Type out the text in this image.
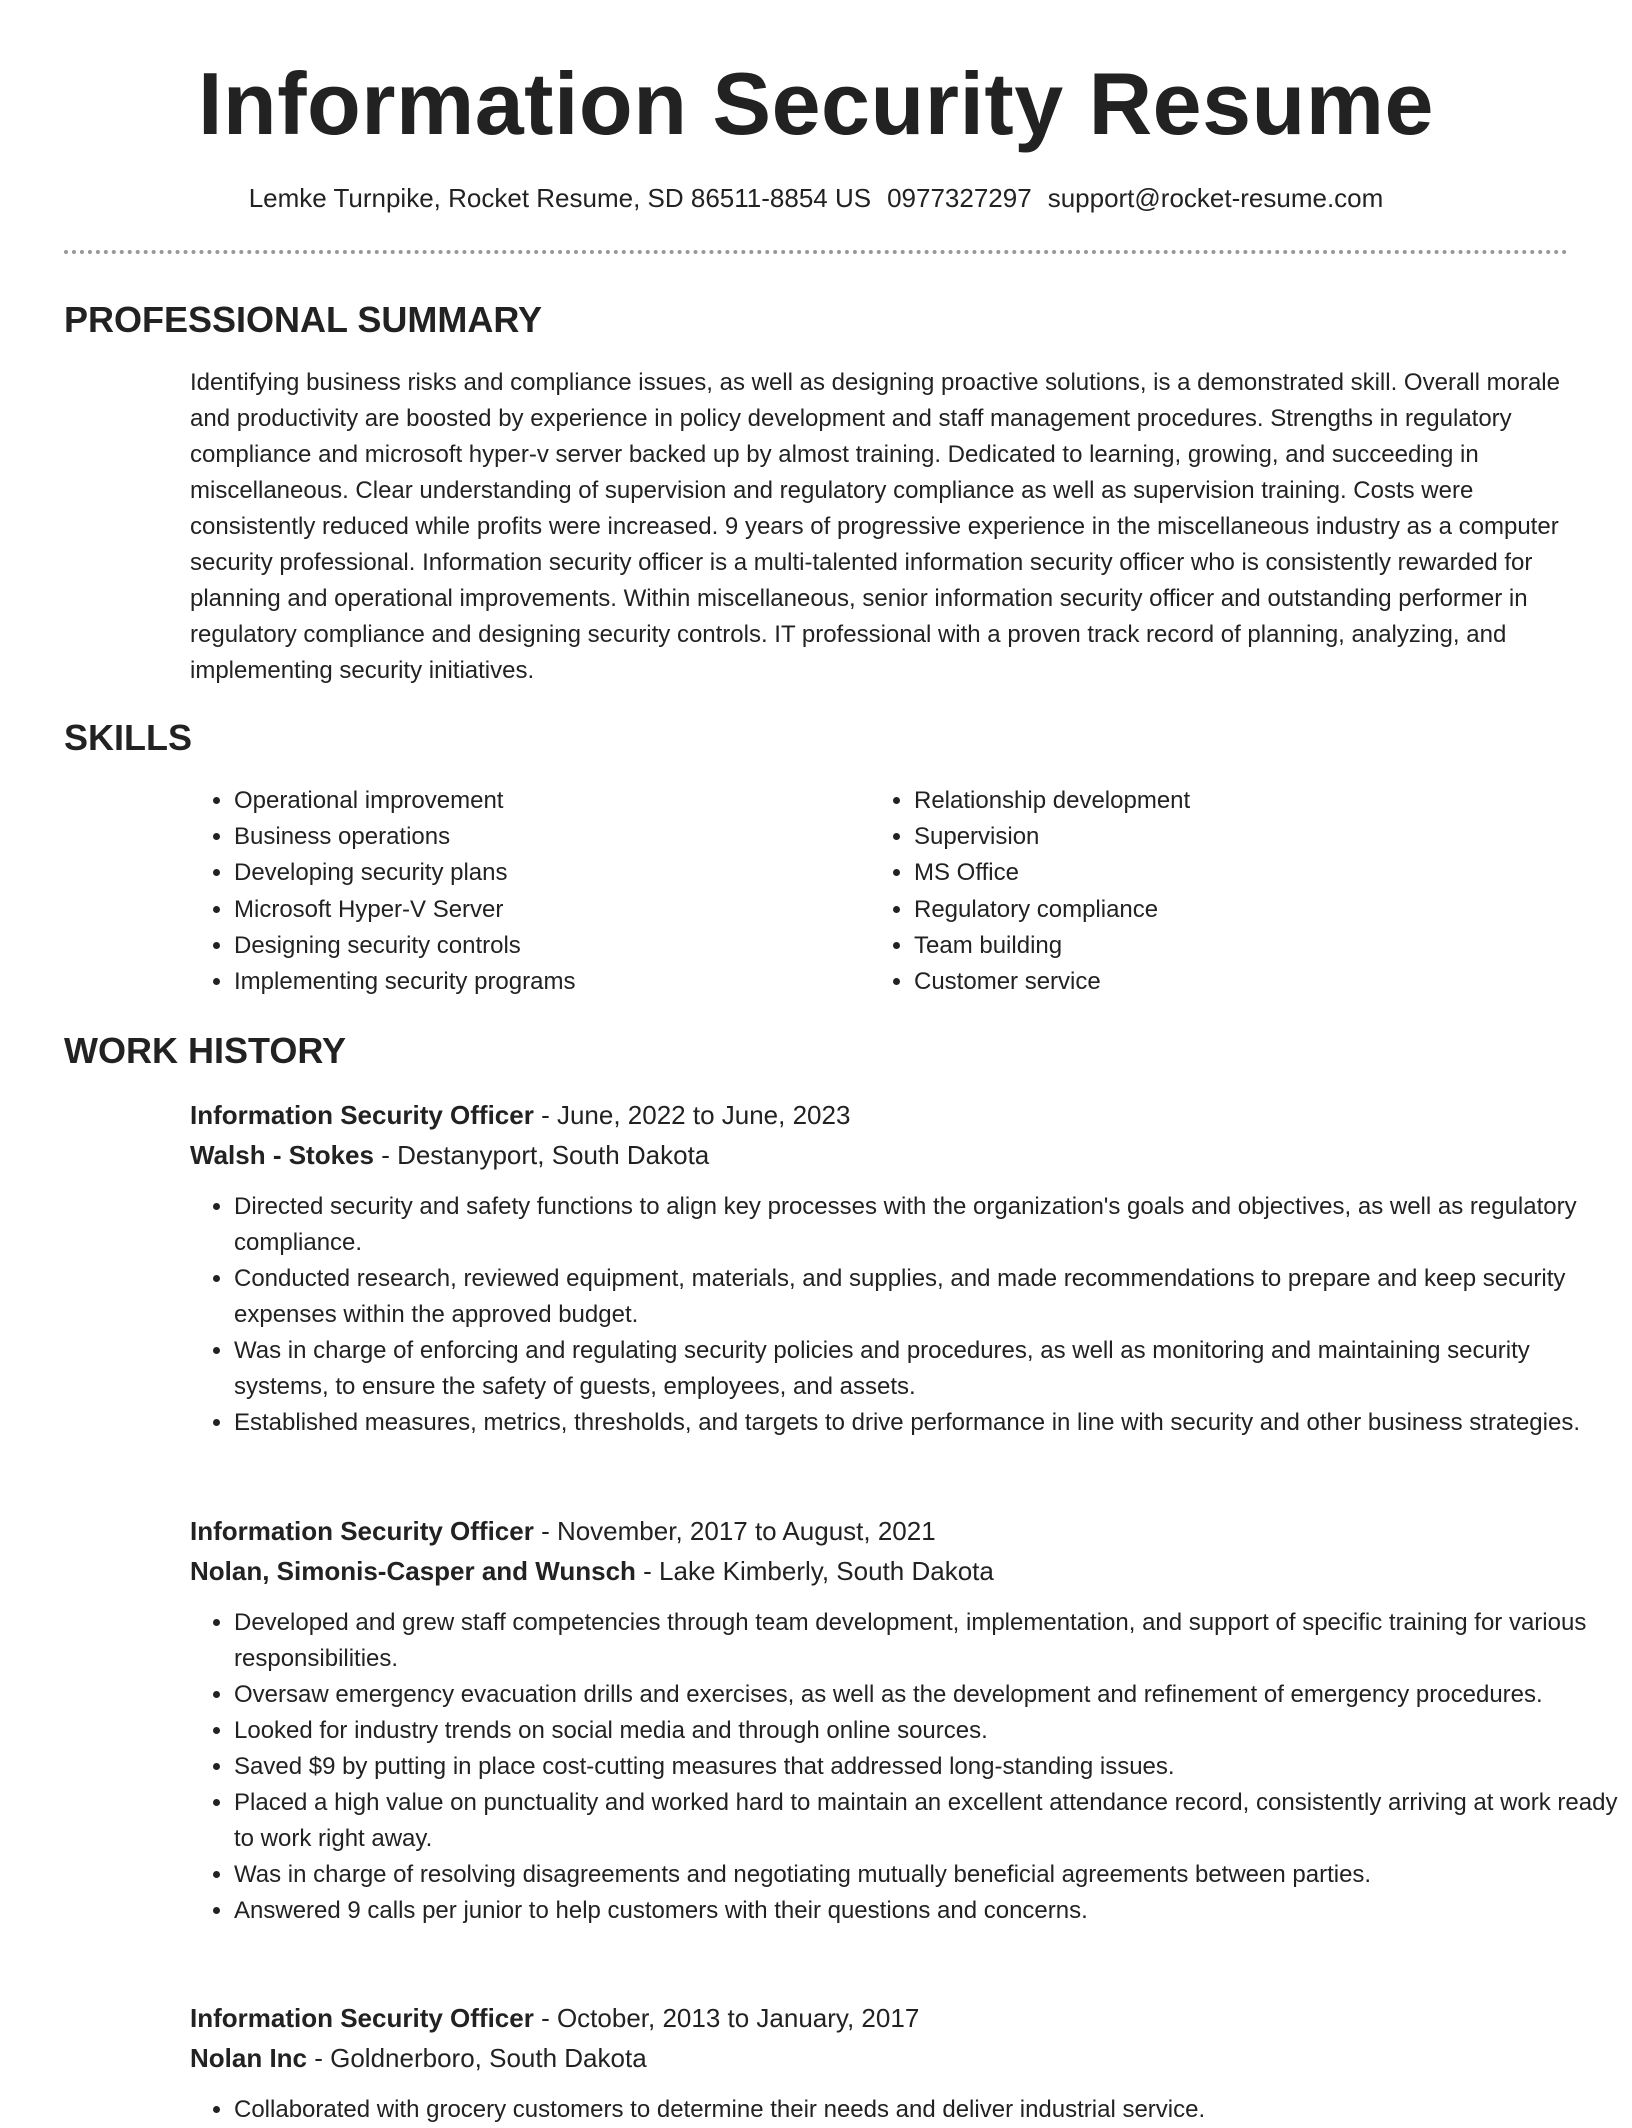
Information Security Resume
Lemke Turnpike, Rocket Resume, SD 86511-8854 US 0977327297 support@rocket-resume.com
PROFESSIONAL SUMMARY

Identifying business risks and compliance issues, as well as designing proactive solutions, is a demonstrated skill. Overall morale and productivity are boosted by experience in policy development and staff management procedures. Strengths in regulatory compliance and microsoft hyper-v server backed up by almost training. Dedicated to learning, growing, and succeeding in miscellaneous. Clear understanding of supervision and regulatory compliance as well as supervision training. Costs were consistently reduced while profits were increased. 9 years of progressive experience in the miscellaneous industry as a computer security professional. Information security officer is a multi-talented information security officer who is consistently rewarded for planning and operational improvements. Within miscellaneous, senior information security officer and outstanding performer in regulatory compliance and designing security controls. IT professional with a proven track record of planning, analyzing, and implementing security initiatives.

SKILLS
• Operational improvement
• Business operations
• Developing security plans
• Microsoft Hyper-V Server
• Designing security controls
• Implementing security programs
• Relationship development
• Supervision
• MS Office
• Regulatory compliance
• Team building
• Customer service
WORK HISTORY
Information Security Officer - June, 2022 to June, 2023
Walsh - Stokes - Destanyport, South Dakota
• Directed security and safety functions to align key processes with the organization's goals and objectives, as well as regulatory compliance.
• Conducted research, reviewed equipment, materials, and supplies, and made recommendations to prepare and keep security expenses within the approved budget.
• Was in charge of enforcing and regulating security policies and procedures, as well as monitoring and maintaining security systems, to ensure the safety of guests, employees, and assets.
• Established measures, metrics, thresholds, and targets to drive performance in line with security and other business strategies.
Information Security Officer - November, 2017 to August, 2021
Nolan, Simonis-Casper and Wunsch - Lake Kimberly, South Dakota
• Developed and grew staff competencies through team development, implementation, and support of specific training for various responsibilities.
• Oversaw emergency evacuation drills and exercises, as well as the development and refinement of emergency procedures.
• Looked for industry trends on social media and through online sources.
• Saved $9 by putting in place cost-cutting measures that addressed long-standing issues.
• Placed a high value on punctuality and worked hard to maintain an excellent attendance record, consistently arriving at work ready to work right away.
• Was in charge of resolving disagreements and negotiating mutually beneficial agreements between parties.
• Answered 9 calls per junior to help customers with their questions and concerns.
Information Security Officer - October, 2013 to January, 2017
Nolan Inc - Goldnerboro, South Dakota
• Collaborated with grocery customers to determine their needs and deliver industrial service.
